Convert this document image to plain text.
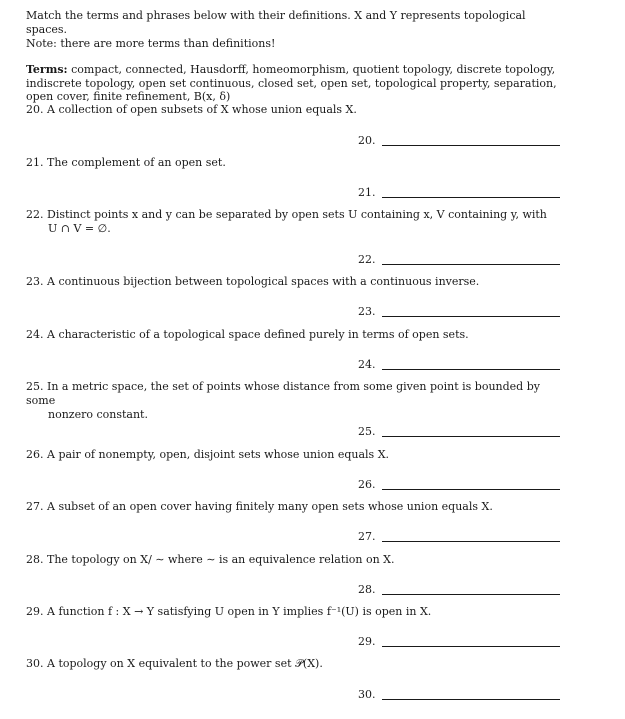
Match the terms and phrases below with their definitions. X and Y represents topological spaces.
Note: there are more terms than definitions!

Terms: compact, connected, Hausdorff, homeomorphism, quotient topology, discrete topology, indiscrete topology, open set continuous, closed set, open set, topological property, separation, open cover, finite refinement, B(x, δ)
20. A collection of open subsets of X whose union equals X.
20.
21. The complement of an open set.
21.
22. Distinct points x and y can be separated by open sets U containing x, V containing y, with
U ∩ V = ∅.
22.
23. A continuous bijection between topological spaces with a continuous inverse.
23.
24. A characteristic of a topological space defined purely in terms of open sets.
24.
25. In a metric space, the set of points whose distance from some given point is bounded by some
nonzero constant.
25.
26. A pair of nonempty, open, disjoint sets whose union equals X.
26.
27. A subset of an open cover having finitely many open sets whose union equals X.
27.
28. The topology on X/ ∼ where ∼ is an equivalence relation on X.
28.
29. A function f : X → Y satisfying U open in Y implies f⁻¹(U) is open in X.
29.
30. A topology on X equivalent to the power set 𝒫(X).
30.
